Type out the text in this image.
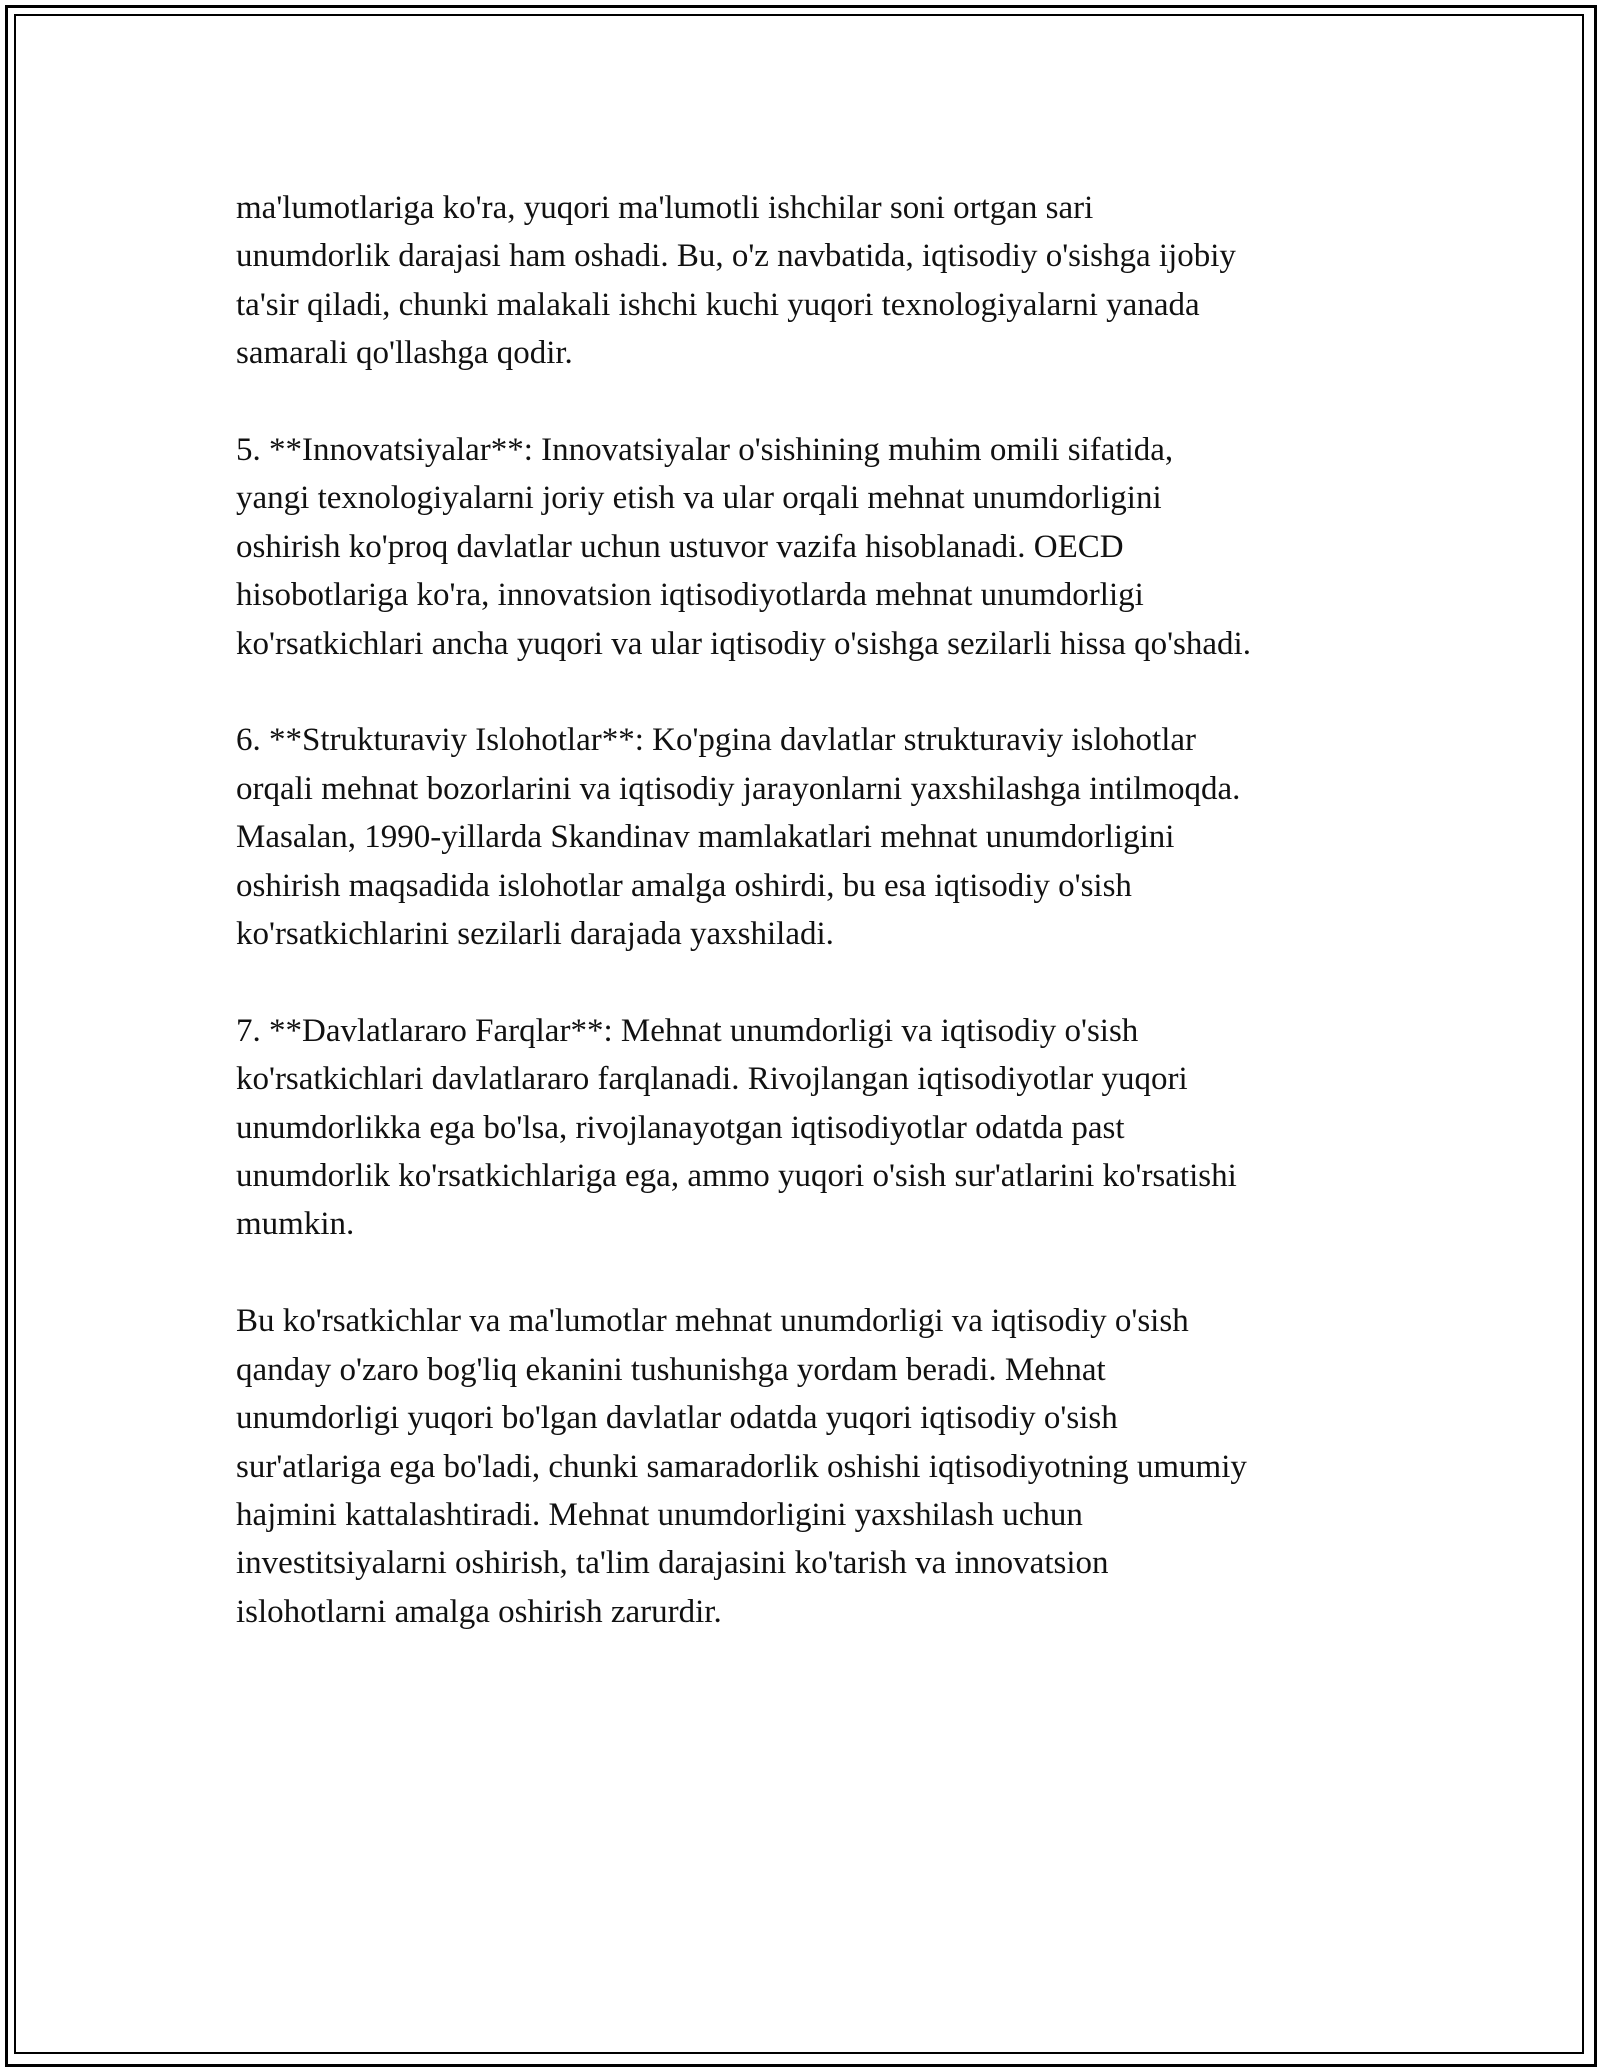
ma'lumotlariga ko'ra, yuqori ma'lumotli ishchilar soni ortgan sari
unumdorlik darajasi ham oshadi. Bu, o'z navbatida, iqtisodiy o'sishga ijobiy
ta'sir qiladi, chunki malakali ishchi kuchi yuqori texnologiyalarni yanada
samarali qo'llashga qodir.

5. **Innovatsiyalar**: Innovatsiyalar o'sishining muhim omili sifatida,
yangi texnologiyalarni joriy etish va ular orqali mehnat unumdorligini
oshirish ko'proq davlatlar uchun ustuvor vazifa hisoblanadi. OECD
hisobotlariga ko'ra, innovatsion iqtisodiyotlarda mehnat unumdorligi
ko'rsatkichlari ancha yuqori va ular iqtisodiy o'sishga sezilarli hissa qo'shadi.

6. **Strukturaviy Islohotlar**: Ko'pgina davlatlar strukturaviy islohotlar
orqali mehnat bozorlarini va iqtisodiy jarayonlarni yaxshilashga intilmoqda.
Masalan, 1990-yillarda Skandinav mamlakatlari mehnat unumdorligini
oshirish maqsadida islohotlar amalga oshirdi, bu esa iqtisodiy o'sish
ko'rsatkichlarini sezilarli darajada yaxshiladi.

7. **Davlatlararo Farqlar**: Mehnat unumdorligi va iqtisodiy o'sish
ko'rsatkichlari davlatlararo farqlanadi. Rivojlangan iqtisodiyotlar yuqori
unumdorlikka ega bo'lsa, rivojlanayotgan iqtisodiyotlar odatda past
unumdorlik ko'rsatkichlariga ega, ammo yuqori o'sish sur'atlarini ko'rsatishi
mumkin.

Bu ko'rsatkichlar va ma'lumotlar mehnat unumdorligi va iqtisodiy o'sish
qanday o'zaro bog'liq ekanini tushunishga yordam beradi. Mehnat
unumdorligi yuqori bo'lgan davlatlar odatda yuqori iqtisodiy o'sish
sur'atlariga ega bo'ladi, chunki samaradorlik oshishi iqtisodiyotning umumiy
hajmini kattalashtiradi. Mehnat unumdorligini yaxshilash uchun
investitsiyalarni oshirish, ta'lim darajasini ko'tarish va innovatsion
islohotlarni amalga oshirish zarurdir.
